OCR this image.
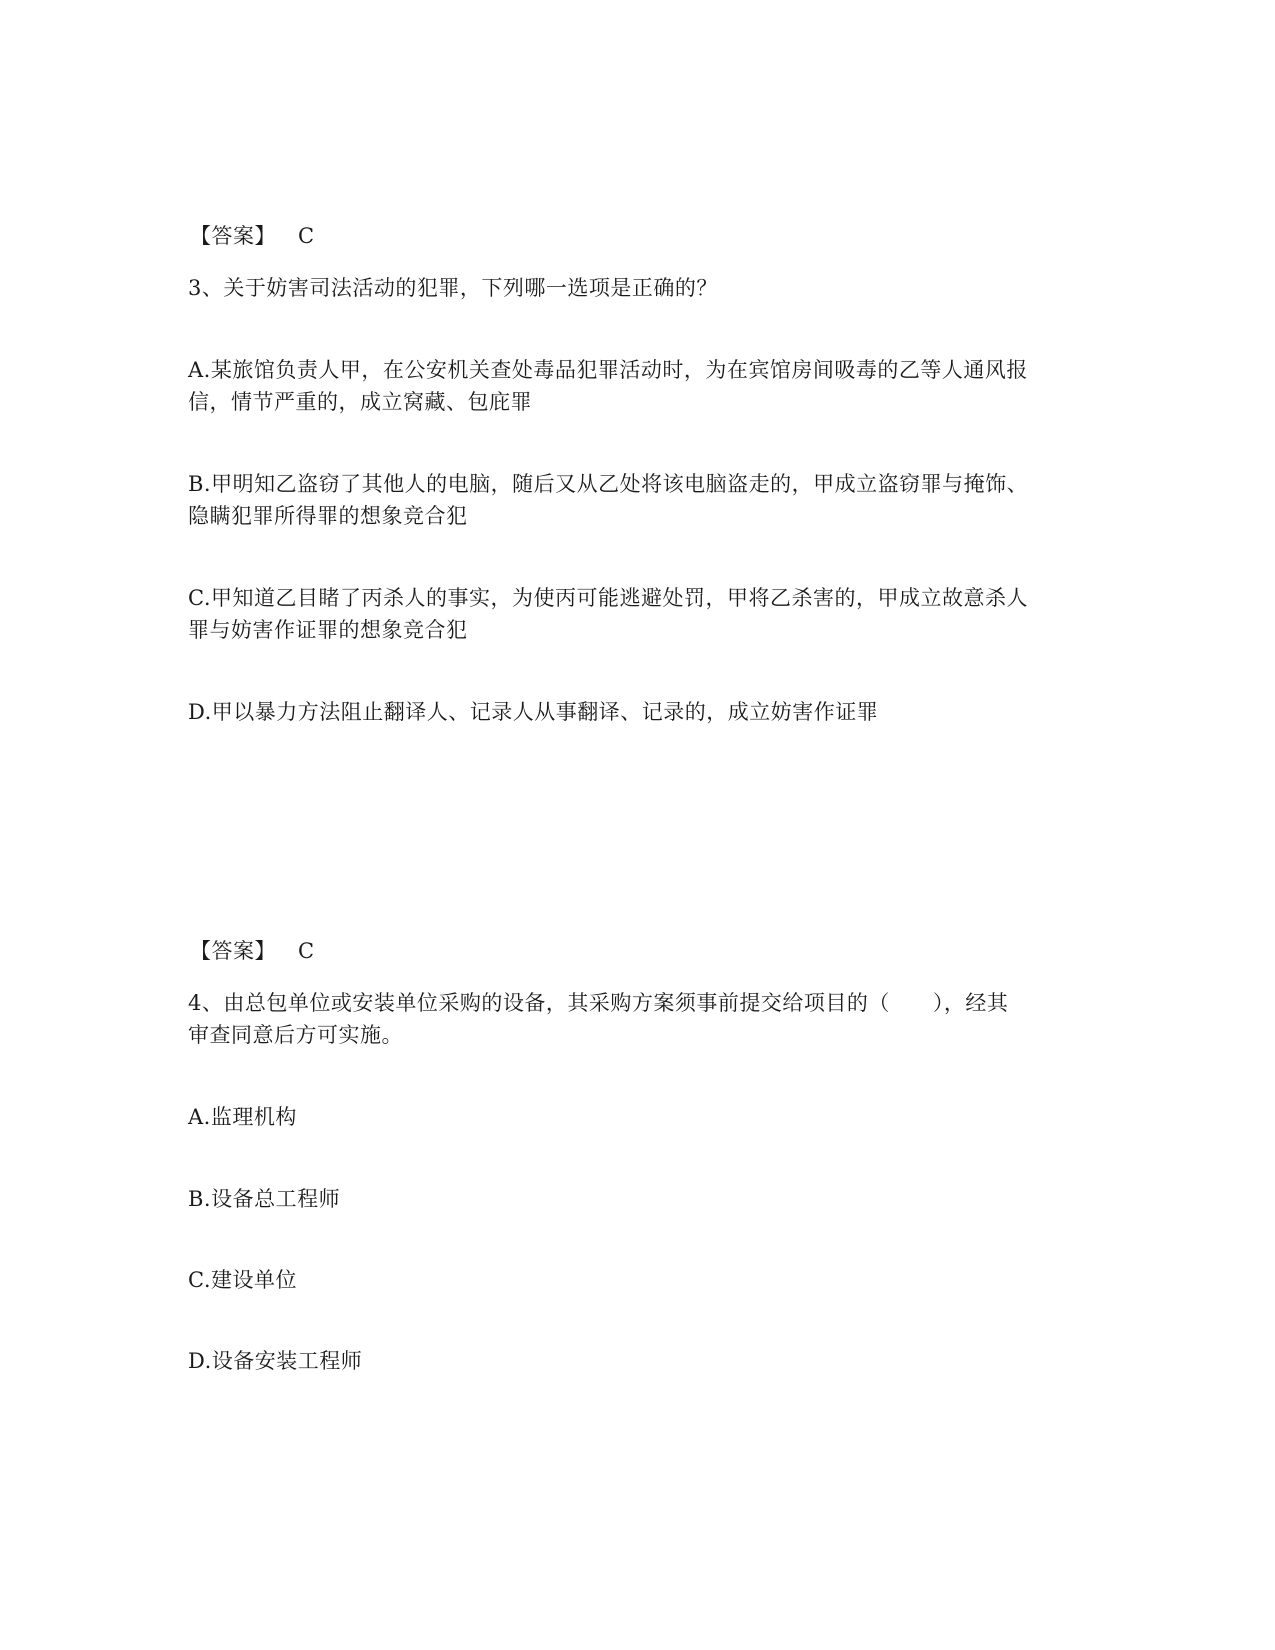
【答案】 C
3、关于妨害司法活动的犯罪，下列哪一选项是正确的？
A.某旅馆负责人甲，在公安机关查处毒品犯罪活动时，为在宾馆房间吸毒的乙等人通风报
信，情节严重的，成立窝藏、包庇罪
B.甲明知乙盗窃了其他人的电脑，随后又从乙处将该电脑盗走的，甲成立盗窃罪与掩饰、
隐瞒犯罪所得罪的想象竞合犯
C.甲知道乙目睹了丙杀人的事实，为使丙可能逃避处罚，甲将乙杀害的，甲成立故意杀人
罪与妨害作证罪的想象竞合犯
D.甲以暴力方法阻止翻译人、记录人从事翻译、记录的，成立妨害作证罪
【答案】 C
4、由总包单位或安装单位采购的设备，其采购方案须事前提交给项目的（　　），经其
审查同意后方可实施。
A.监理机构
B.设备总工程师
C.建设单位
D.设备安装工程师
